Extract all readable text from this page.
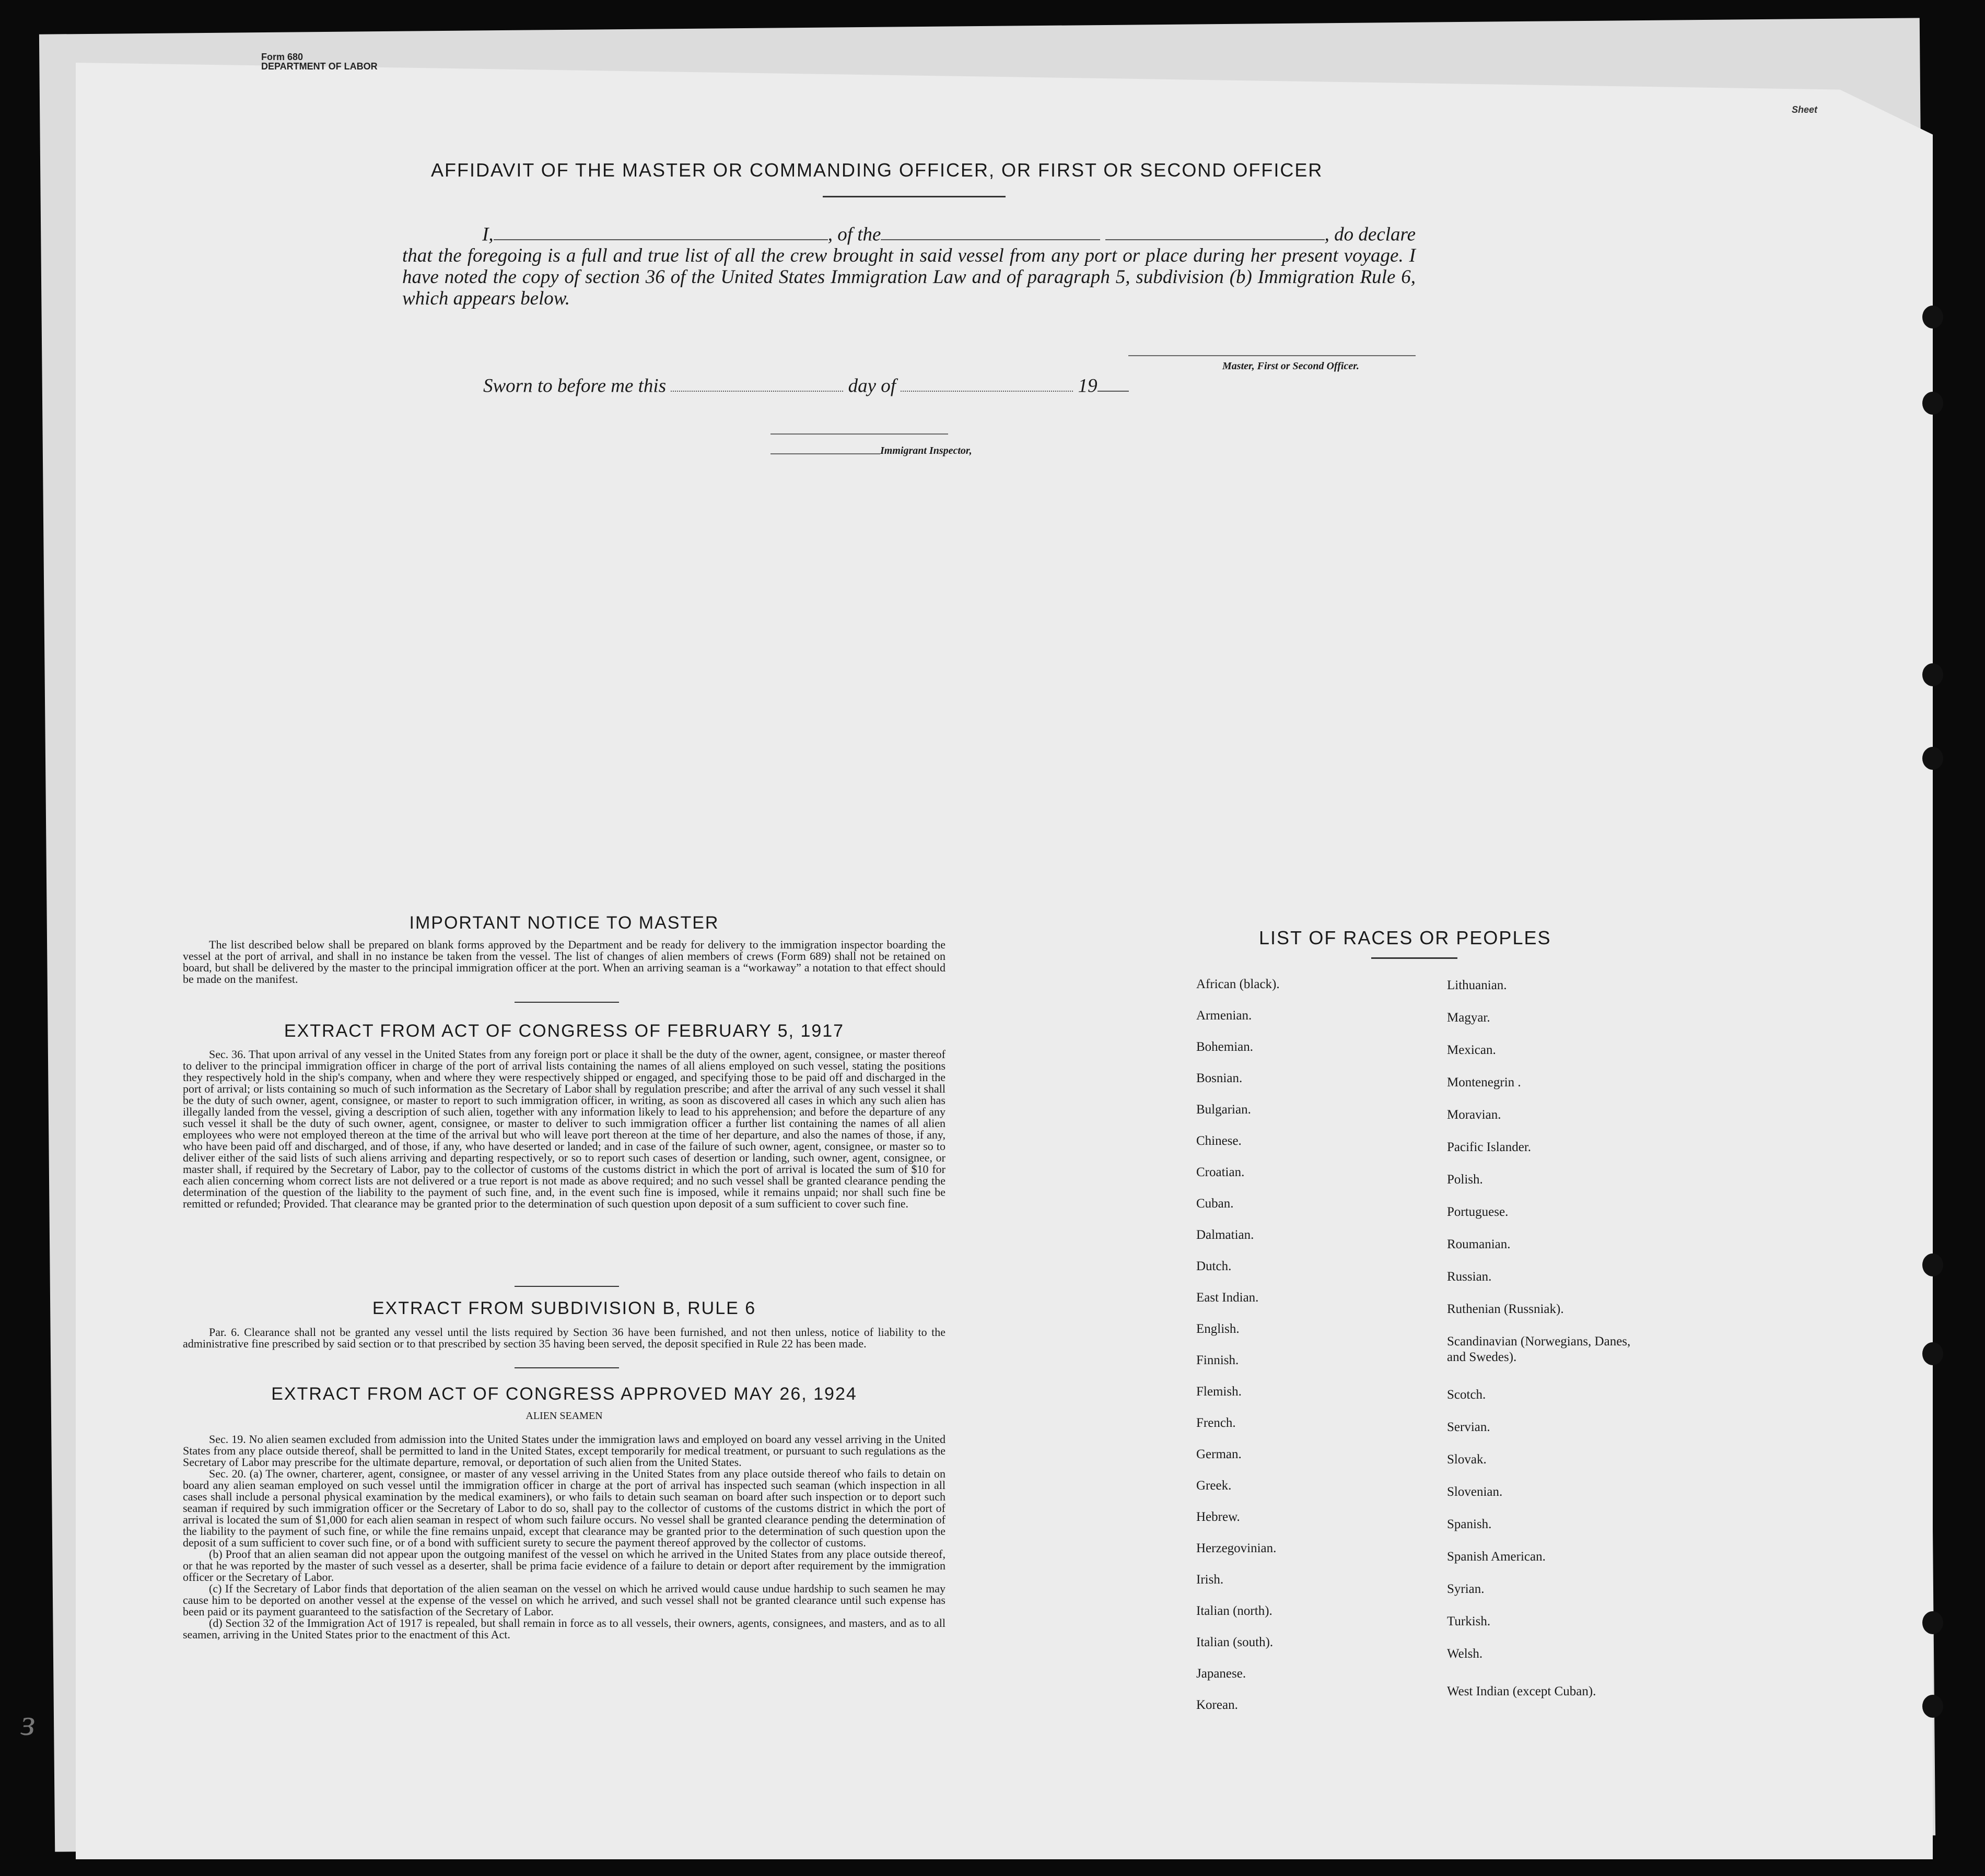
Form 680
DEPARTMENT OF LABOR
Sheet
ɜ
AFFIDAVIT OF THE MASTER OR COMMANDING OFFICER, OR FIRST OR SECOND OFFICER
I,	, of the	, do declare
that the foregoing is a full and true list of all the crew brought in said vessel from any port or place during her present voyage. I have noted the copy of section 36 of the United States Immigration Law and of paragraph 5, subdivision (b) Immigration Rule 6, which appears below.
Master, First or Second Officer.
Sworn to before me this	day of	19
Immigrant Inspector,
IMPORTANT NOTICE TO MASTER
The list described below shall be prepared on blank forms approved by the Department and be ready for delivery to the immigration inspector boarding the vessel at the port of arrival, and shall in no instance be taken from the vessel. The list of changes of alien members of crews (Form 689) shall not be retained on board, but shall be delivered by the master to the principal immigration officer at the port. When an arriving seaman is a “workaway” a notation to that effect should be made on the manifest.
EXTRACT FROM ACT OF CONGRESS OF FEBRUARY 5, 1917
Sec. 36. That upon arrival of any vessel in the United States from any foreign port or place it shall be the duty of the owner, agent, consignee, or master thereof to deliver to the principal immigration officer in charge of the port of arrival lists containing the names of all aliens employed on such vessel, stating the positions they respectively hold in the ship's company, when and where they were respectively shipped or engaged, and specifying those to be paid off and discharged in the port of arrival; or lists containing so much of such information as the Secretary of Labor shall by regulation prescribe; and after the arrival of any such vessel it shall be the duty of such owner, agent, consignee, or master to report to such immigration officer, in writing, as soon as discovered all cases in which any such alien has illegally landed from the vessel, giving a description of such alien, together with any information likely to lead to his apprehension; and before the departure of any such vessel it shall be the duty of such owner, agent, consignee, or master to deliver to such immigration officer a further list containing the names of all alien employees who were not employed thereon at the time of the arrival but who will leave port thereon at the time of her departure, and also the names of those, if any, who have been paid off and discharged, and of those, if any, who have deserted or landed; and in case of the failure of such owner, agent, consignee, or master so to deliver either of the said lists of such aliens arriving and departing respectively, or so to report such cases of desertion or landing, such owner, agent, consignee, or master shall, if required by the Secretary of Labor, pay to the collector of customs of the customs district in which the port of arrival is located the sum of $10 for each alien concerning whom correct lists are not delivered or a true report is not made as above required; and no such vessel shall be granted clearance pending the determination of the question of the liability to the payment of such fine, and, in the event such fine is imposed, while it remains unpaid; nor shall such fine be remitted or refunded; Provided. That clearance may be granted prior to the determination of such question upon deposit of a sum sufficient to cover such fine.
EXTRACT FROM SUBDIVISION B, RULE 6
Par. 6. Clearance shall not be granted any vessel until the lists required by Section 36 have been furnished, and not then unless, notice of liability to the administrative fine prescribed by said section or to that prescribed by section 35 having been served, the deposit specified in Rule 22 has been made.
EXTRACT FROM ACT OF CONGRESS APPROVED MAY 26, 1924
ALIEN SEAMEN
Sec. 19. No alien seamen excluded from admission into the United States under the immigration laws and employed on board any vessel arriving in the United States from any place outside thereof, shall be permitted to land in the United States, except temporarily for medical treatment, or pursuant to such regulations as the Secretary of Labor may prescribe for the ultimate departure, removal, or deportation of such alien from the United States.
Sec. 20. (a) The owner, charterer, agent, consignee, or master of any vessel arriving in the United States from any place outside thereof who fails to detain on board any alien seaman employed on such vessel until the immigration officer in charge at the port of arrival has inspected such seaman (which inspection in all cases shall include a personal physical examination by the medical examiners), or who fails to detain such seaman on board after such inspection or to deport such seaman if required by such immigration officer or the Secretary of Labor to do so, shall pay to the collector of customs of the customs district in which the port of arrival is located the sum of $1,000 for each alien seaman in respect of whom such failure occurs. No vessel shall be granted clearance pending the determination of the liability to the payment of such fine, or while the fine remains unpaid, except that clearance may be granted prior to the determination of such question upon the deposit of a sum sufficient to cover such fine, or of a bond with sufficient surety to secure the payment thereof approved by the collector of customs.
(b) Proof that an alien seaman did not appear upon the outgoing manifest of the vessel on which he arrived in the United States from any place outside thereof, or that he was reported by the master of such vessel as a deserter, shall be prima facie evidence of a failure to detain or deport after requirement by the immigration officer or the Secretary of Labor.
(c) If the Secretary of Labor finds that deportation of the alien seaman on the vessel on which he arrived would cause undue hardship to such seamen he may cause him to be deported on another vessel at the expense of the vessel on which he arrived, and such vessel shall not be granted clearance until such expense has been paid or its payment guaranteed to the satisfaction of the Secretary of Labor.
(d) Section 32 of the Immigration Act of 1917 is repealed, but shall remain in force as to all vessels, their owners, agents, consignees, and masters, and as to all seamen, arriving in the United States prior to the enactment of this Act.
LIST OF RACES OR PEOPLES
African (black).
Armenian.
Bohemian.
Bosnian.
Bulgarian.
Chinese.
Croatian.
Cuban.
Dalmatian.
Dutch.
East Indian.
English.
Finnish.
Flemish.
French.
German.
Greek.
Hebrew.
Herzegovinian.
Irish.
Italian (north).
Italian (south).
Japanese.
Korean.
Lithuanian.
Magyar.
Mexican.
Montenegrin .
Moravian.
Pacific Islander.
Polish.
Portuguese.
Roumanian.
Russian.
Ruthenian (Russniak).
Scandinavian (Norwegians, Danes, and Swedes).
Scotch.
Servian.
Slovak.
Slovenian.
Spanish.
Spanish American.
Syrian.
Turkish.
Welsh.
West Indian (except Cuban).
